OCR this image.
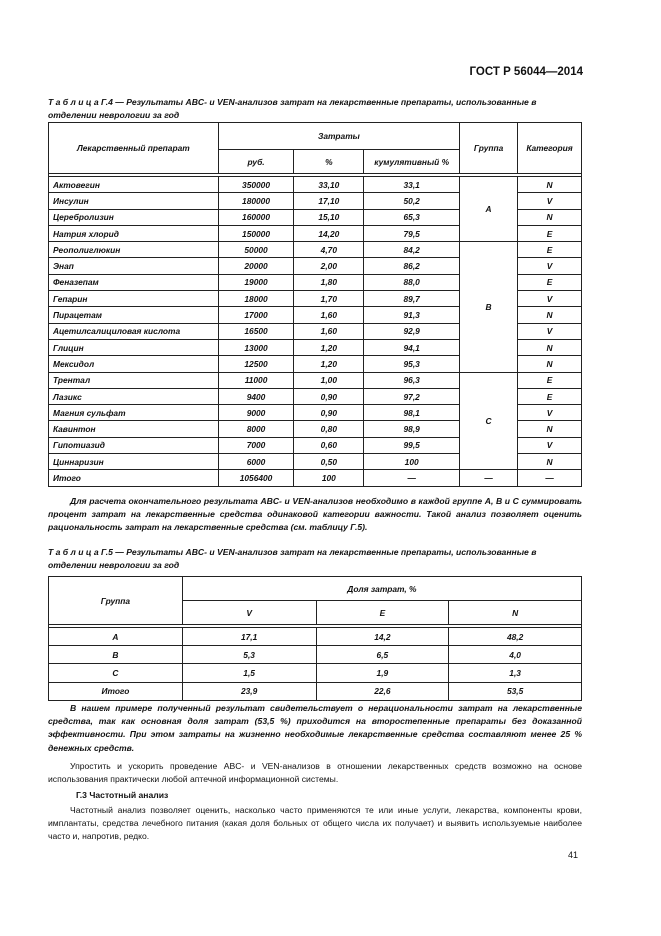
ГОСТ Р 56044—2014
Т а б л и ц а Г.4 — Результаты ABC- и VEN-анализов затрат на лекарственные препараты, использованные в отделении неврологии за год
Лекарственный препарат	Затраты			Группа	Категория
	руб.	%	кумулятивный %		

Актовегин	350000	33,10	33,1	A	N
Инсулин	180000	17,10	50,2		V
Церебролизин	160000	15,10	65,3		N
Натрия хлорид	150000	14,20	79,5		E
Реополиглюкин	50000	4,70	84,2	B	E
Энап	20000	2,00	86,2		V
Феназепам	19000	1,80	88,0		E
Гепарин	18000	1,70	89,7		V
Пирацетам	17000	1,60	91,3		N
Ацетилсалициловая кислота	16500	1,60	92,9		V
Глицин	13000	1,20	94,1		N
Мексидол	12500	1,20	95,3		N
Трентал	11000	1,00	96,3	C	E
Лазикс	9400	0,90	97,2		E
Магния сульфат	9000	0,90	98,1		V
Кавинтон	8000	0,80	98,9		N
Гипотиазид	7000	0,60	99,5		V
Циннаризин	6000	0,50	100		N
Итого	1056400	100	—	—	—
Для расчета окончательного результата ABC- и VEN-анализов необходимо в каждой группе А, В и С суммировать процент затрат на лекарственные средства одинаковой категории важности. Такой анализ позволяет оценить рациональность затрат на лекарственные средства (см. таблицу Г.5).
Т а б л и ц а Г.5 — Результаты ABC- и VEN-анализов затрат на лекарственные препараты, использованные в отделении неврологии за год
Группа	Доля затрат, %		
	V	E	N

A	17,1	14,2	48,2
B	5,3	6,5	4,0
C	1,5	1,9	1,3
Итого	23,9	22,6	53,5
В нашем примере полученный результат свидетельствует о нерациональности затрат на лекарственные средства, так как основная доля затрат (53,5 %) приходится на второстепенные препараты без доказанной эффективности. При этом затраты на жизненно необходимые лекарственные средства составляют менее 25 % денежных средств.
Упростить и ускорить проведение ABC- и VEN-анализов в отношении лекарственных средств возможно на основе использования практически любой аптечной информационной системы.
Г.3 Частотный анализ
Частотный анализ позволяет оценить, насколько часто применяются те или иные услуги, лекарства, компоненты крови, имплантаты, средства лечебного питания (какая доля больных от общего числа их получает) и выявить используемые наиболее часто и, напротив, редко.
41
